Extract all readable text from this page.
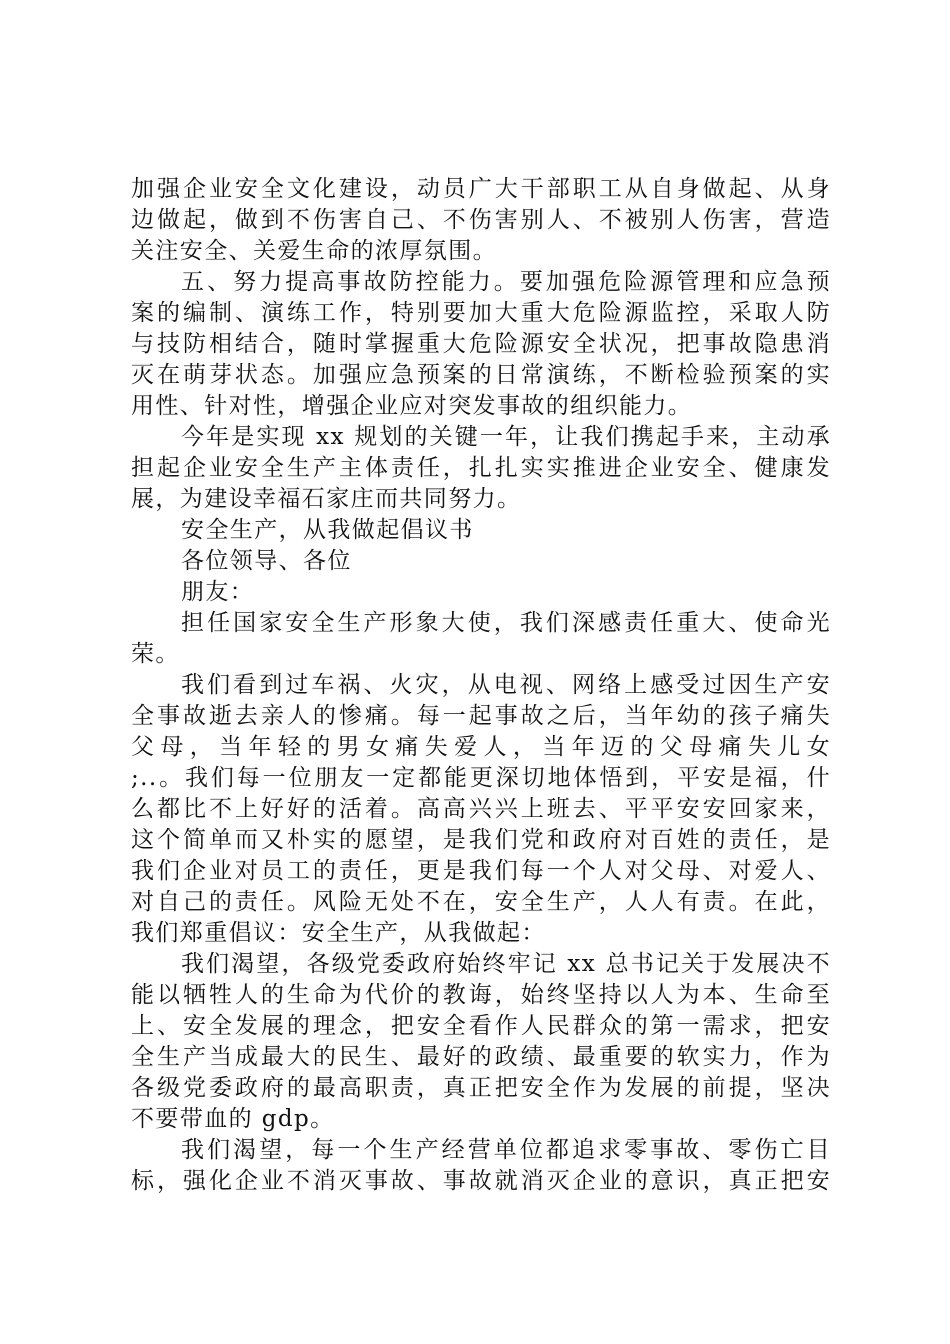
加强企业安全文化建设，动员广大干部职工从自身做起、从身
边做起，做到不伤害自己、不伤害别人、不被别人伤害，营造
关注安全、关爱生命的浓厚氛围。
五、努力提高事故防控能力。要加强危险源管理和应急预
案的编制、演练工作，特别要加大重大危险源监控，采取人防
与技防相结合，随时掌握重大危险源安全状况，把事故隐患消
灭在萌芽状态。加强应急预案的日常演练，不断检验预案的实
用性、针对性，增强企业应对突发事故的组织能力。
今年是实现 xx 规划的关键一年，让我们携起手来，主动承
担起企业安全生产主体责任，扎扎实实推进企业安全、健康发
展，为建设幸福石家庄而共同努力。
安全生产，从我做起倡议书
各位领导、各位
朋友：
担任国家安全生产形象大使，我们深感责任重大、使命光
荣。
我们看到过车祸、火灾，从电视、网络上感受过因生产安
全事故逝去亲人的惨痛。每一起事故之后，当年幼的孩子痛失
父母，当年轻的男女痛失爱人，当年迈的父母痛失儿女
;..。我们每一位朋友一定都能更深切地体悟到，平安是福，什
么都比不上好好的活着。高高兴兴上班去、平平安安回家来，
这个简单而又朴实的愿望，是我们党和政府对百姓的责任，是
我们企业对员工的责任，更是我们每一个人对父母、对爱人、
对自己的责任。风险无处不在，安全生产，人人有责。在此，
我们郑重倡议：安全生产，从我做起：
我们渴望，各级党委政府始终牢记 xx 总书记关于发展决不
能以牺牲人的生命为代价的教诲，始终坚持以人为本、生命至
上、安全发展的理念，把安全看作人民群众的第一需求，把安
全生产当成最大的民生、最好的政绩、最重要的软实力，作为
各级党委政府的最高职责，真正把安全作为发展的前提，坚决
不要带血的 gdp。
我们渴望，每一个生产经营单位都追求零事故、零伤亡目
标，强化企业不消灭事故、事故就消灭企业的意识，真正把安
